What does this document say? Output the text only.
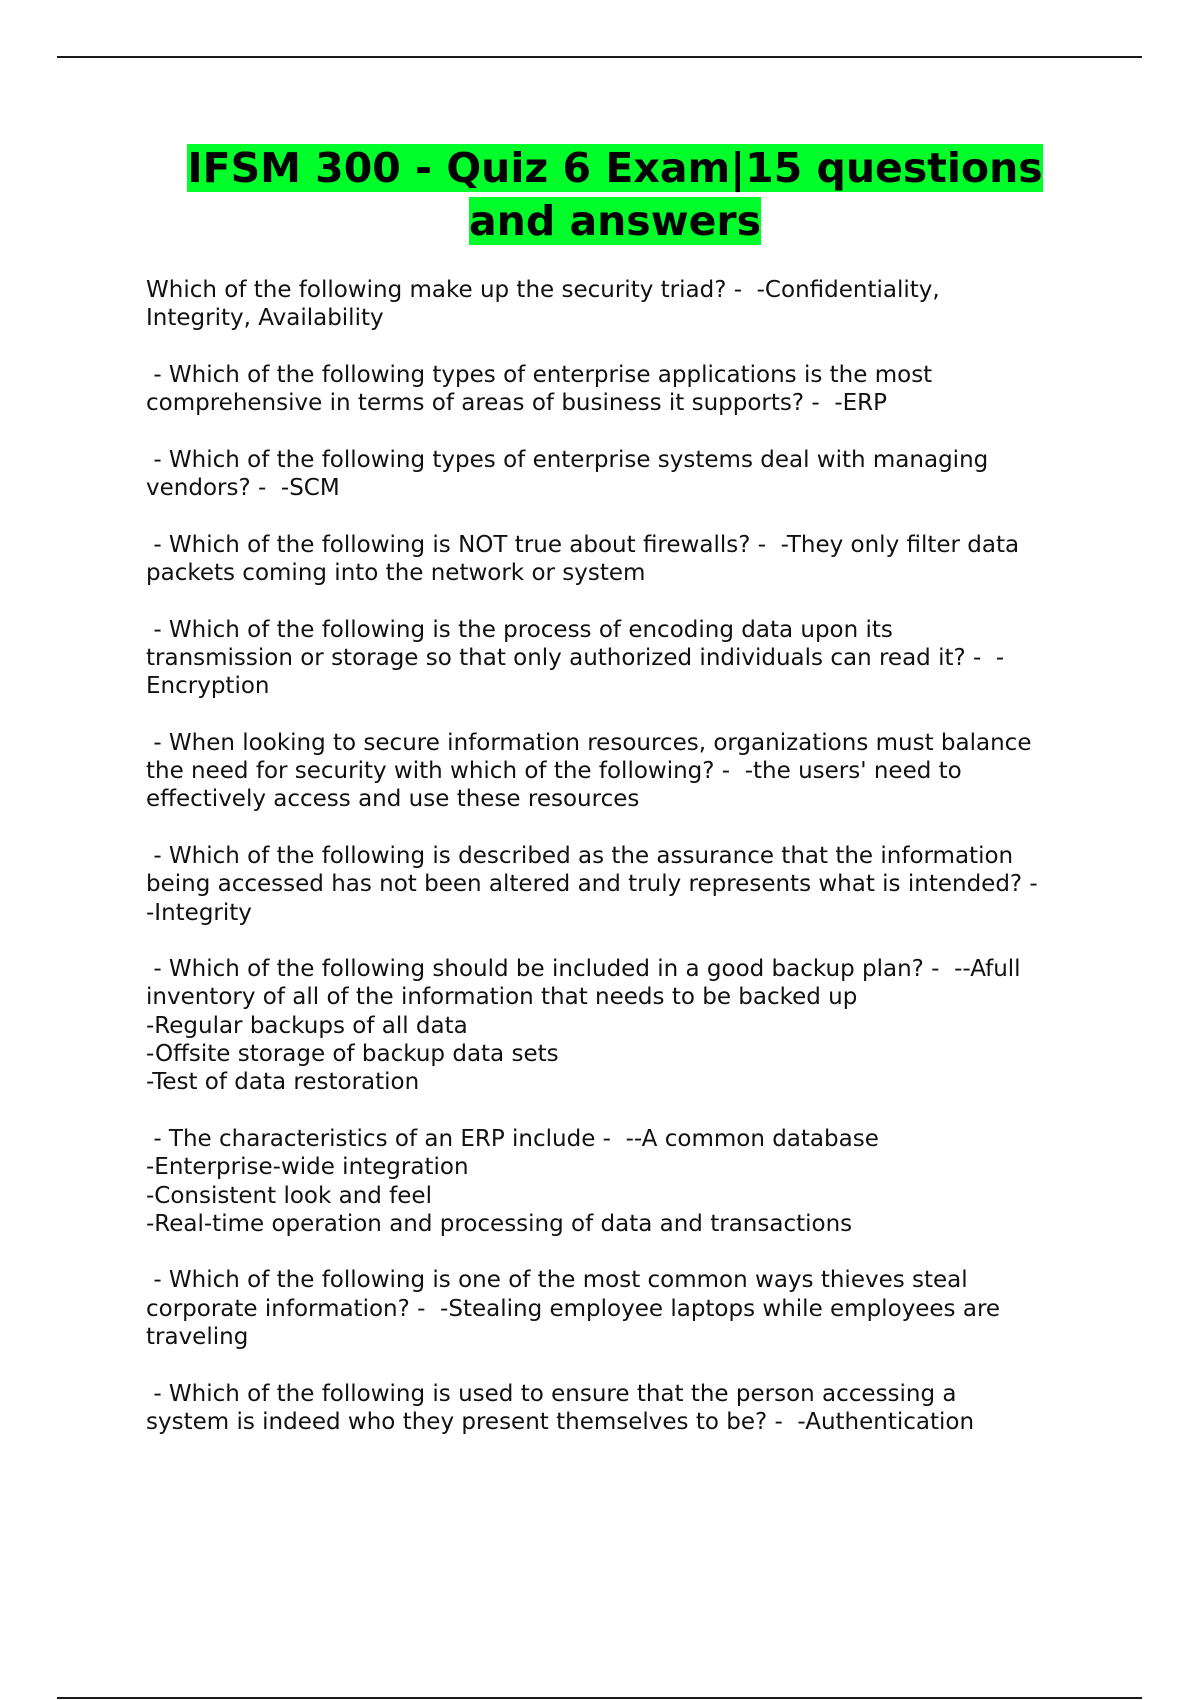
IFSM 300 - Quiz 6 Exam|15 questions
and answers
Which of the following make up the security triad? -  -Confidentiality,
Integrity, Availability
- Which of the following types of enterprise applications is the most
comprehensive in terms of areas of business it supports? -  -ERP
- Which of the following types of enterprise systems deal with managing
vendors? -  -SCM
- Which of the following is NOT true about firewalls? -  -They only filter data
packets coming into the network or system
- Which of the following is the process of encoding data upon its
transmission or storage so that only authorized individuals can read it? -  -
Encryption
- When looking to secure information resources, organizations must balance
the need for security with which of the following? -  -the users' need to
effectively access and use these resources
- Which of the following is described as the assurance that the information
being accessed has not been altered and truly represents what is intended? -
-Integrity
- Which of the following should be included in a good backup plan? -  --Afull
inventory of all of the information that needs to be backed up
-Regular backups of all data
-Offsite storage of backup data sets
-Test of data restoration
- The characteristics of an ERP include -  --A common database
-Enterprise-wide integration
-Consistent look and feel
-Real-time operation and processing of data and transactions
- Which of the following is one of the most common ways thieves steal
corporate information? -  -Stealing employee laptops while employees are
traveling
- Which of the following is used to ensure that the person accessing a
system is indeed who they present themselves to be? -  -Authentication
